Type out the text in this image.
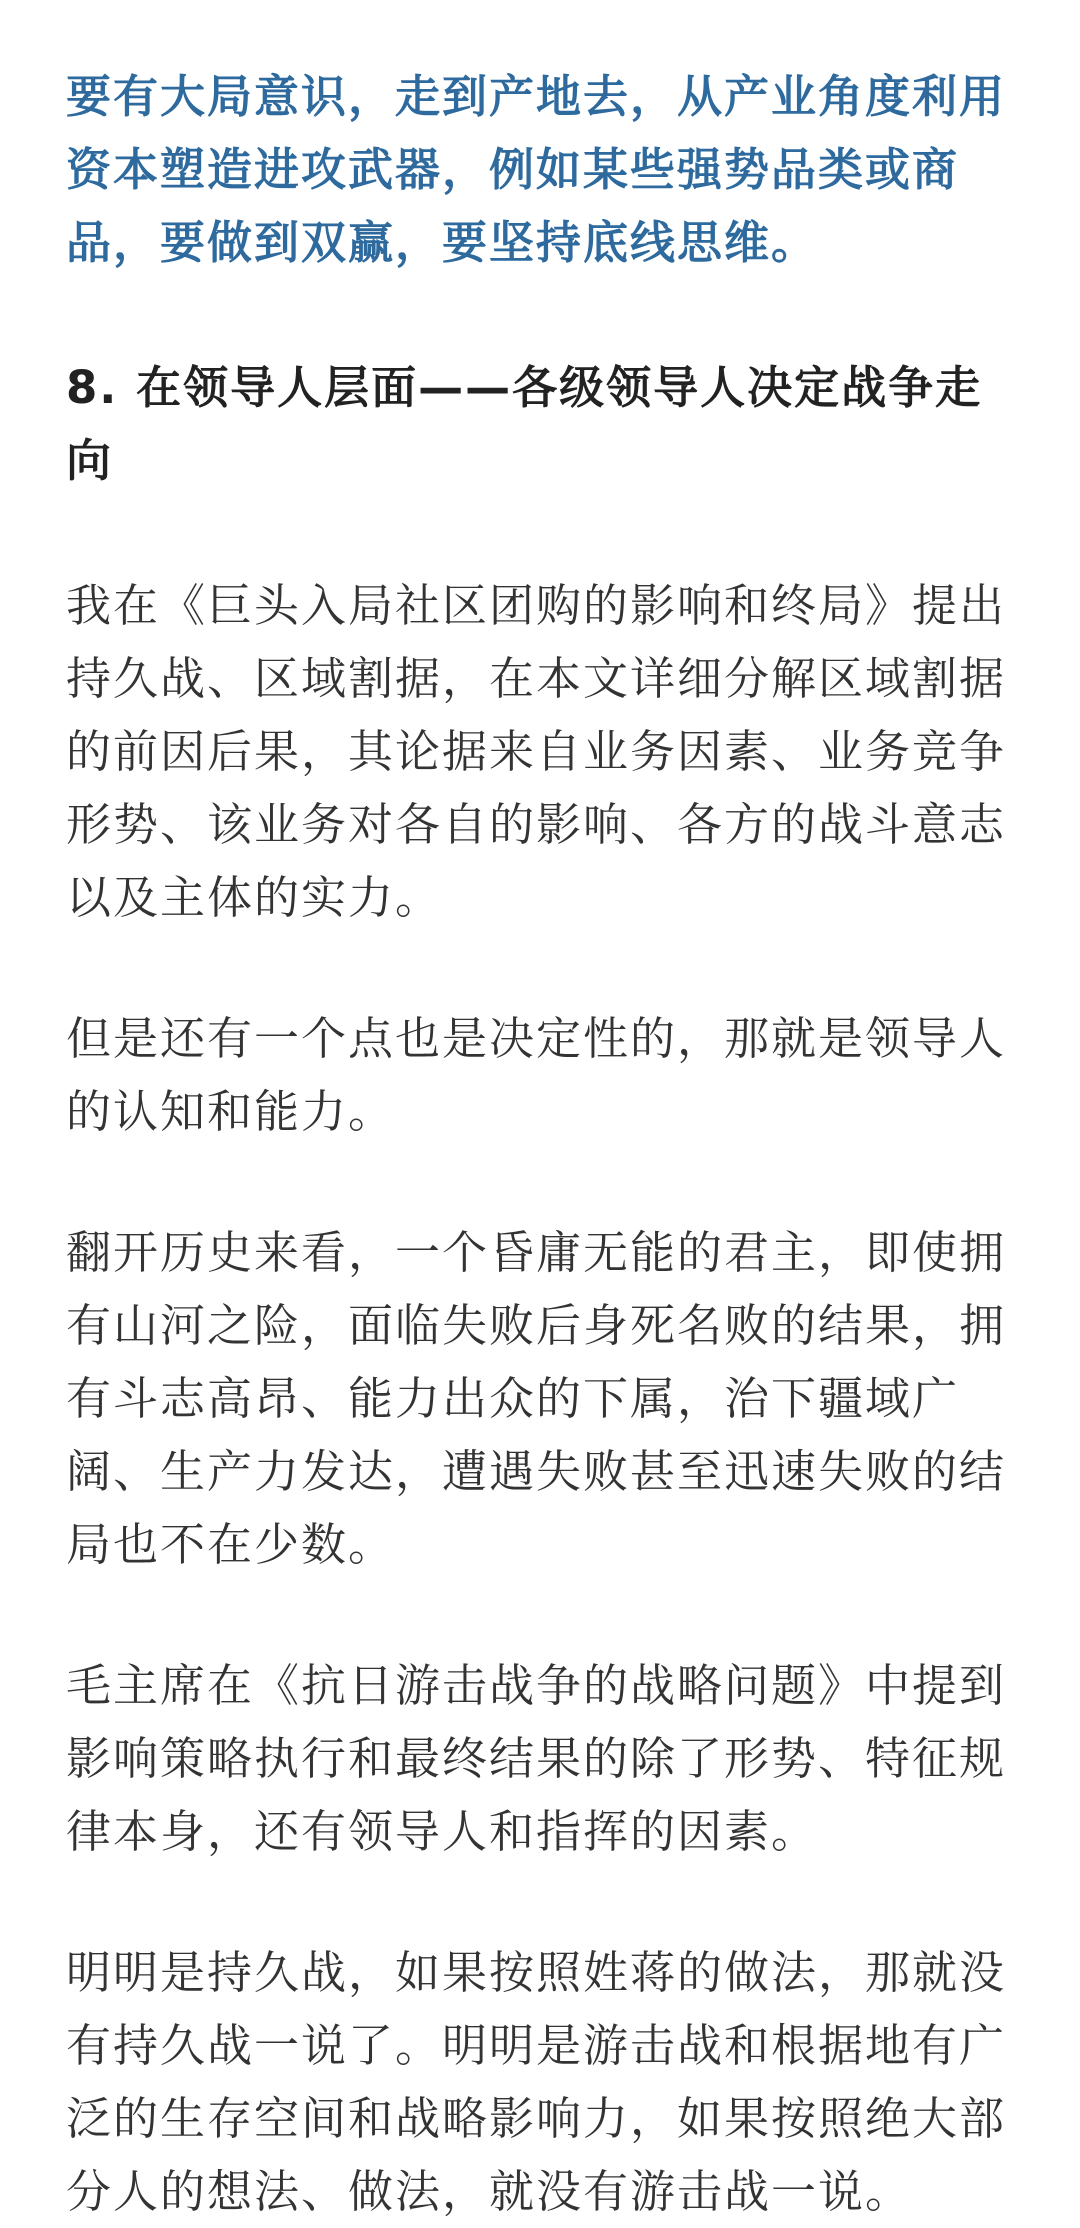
要有大局意识，走到产地去，从产业角度利用资本塑造进攻武器，例如某些强势品类或商品，要做到双赢，要坚持底线思维。

8. 在领导人层面——各级领导人决定战争走向

我在《巨头入局社区团购的影响和终局》提出持久战、区域割据，在本文详细分解区域割据的前因后果，其论据来自业务因素、业务竞争形势、该业务对各自的影响、各方的战斗意志以及主体的实力。

但是还有一个点也是决定性的，那就是领导人的认知和能力。

翻开历史来看，一个昏庸无能的君主，即使拥有山河之险，面临失败后身死名败的结果，拥有斗志高昂、能力出众的下属，治下疆域广阔、生产力发达，遭遇失败甚至迅速失败的结局也不在少数。

毛主席在《抗日游击战争的战略问题》中提到影响策略执行和最终结果的除了形势、特征规律本身，还有领导人和指挥的因素。

明明是持久战，如果按照姓蒋的做法，那就没有持久战一说了。明明是游击战和根据地有广泛的生存空间和战略影响力，如果按照绝大部分人的想法、做法，就没有游击战一说。
